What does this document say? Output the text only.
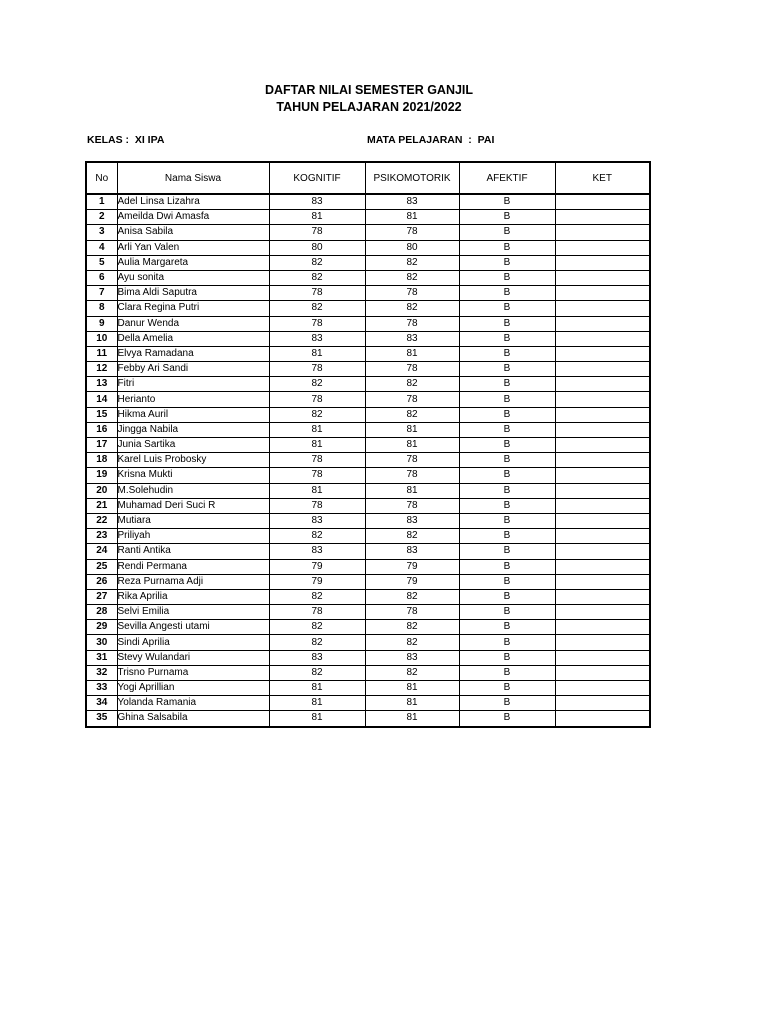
DAFTAR NILAI SEMESTER GANJIL
TAHUN PELAJARAN 2021/2022
KELAS :  XI IPA	MATA PELAJARAN  :  PAI
No	Nama Siswa	KOGNITIF	PSIKOMOTORIK	AFEKTIF	KET
1	Adel Linsa Lizahra	83	83	B	
2	Ameilda Dwi Amasfa	81	81	B	
3	Anisa Sabila	78	78	B	
4	Arli Yan Valen	80	80	B	
5	Aulia Margareta	82	82	B	
6	Ayu sonita	82	82	B	
7	Bima Aldi Saputra	78	78	B	
8	Clara Regina Putri	82	82	B	
9	Danur Wenda	78	78	B	
10	Della Amelia	83	83	B	
11	Elvya Ramadana	81	81	B	
12	Febby Ari Sandi	78	78	B	
13	Fitri	82	82	B	
14	Herianto	78	78	B	
15	Hikma Auril	82	82	B	
16	Jingga Nabila	81	81	B	
17	Junia Sartika	81	81	B	
18	Karel Luis Probosky	78	78	B	
19	Krisna Mukti	78	78	B	
20	M.Solehudin	81	81	B	
21	Muhamad Deri Suci R	78	78	B	
22	Mutiara	83	83	B	
23	Priliyah	82	82	B	
24	Ranti Antika	83	83	B	
25	Rendi Permana	79	79	B	
26	Reza Purnama Adji	79	79	B	
27	Rika Aprilia	82	82	B	
28	Selvi Emilia	78	78	B	
29	Sevilla Angesti utami	82	82	B	
30	Sindi Aprilia	82	82	B	
31	Stevy Wulandari	83	83	B	
32	Trisno Purnama	82	82	B	
33	Yogi Aprillian	81	81	B	
34	Yolanda Ramania	81	81	B	
35	Ghina Salsabila	81	81	B	
